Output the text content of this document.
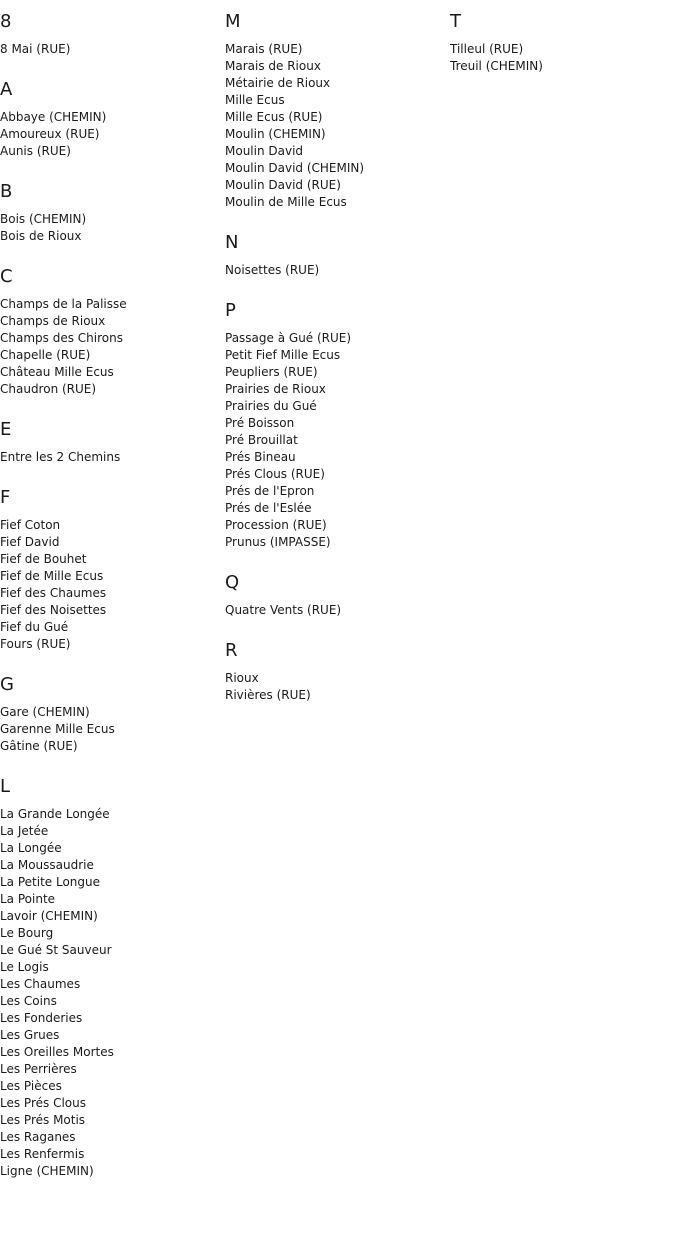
8
8 Mai (RUE)
A
Abbaye (CHEMIN)
Amoureux (RUE)
Aunis (RUE)
B
Bois (CHEMIN)
Bois de Rioux
C
Champs de la Palisse
Champs de Rioux
Champs des Chirons
Chapelle (RUE)
Château Mille Ecus
Chaudron (RUE)
E
Entre les 2 Chemins
F
Fief Coton
Fief David
Fief de Bouhet
Fief de Mille Ecus
Fief des Chaumes
Fief des Noisettes
Fief du Gué
Fours (RUE)
G
Gare (CHEMIN)
Garenne Mille Ecus
Gâtine (RUE)
L
La Grande Longée
La Jetée
La Longée
La Moussaudrie
La Petite Longue
La Pointe
Lavoir (CHEMIN)
Le Bourg
Le Gué St Sauveur
Le Logis
Les Chaumes
Les Coins
Les Fonderies
Les Grues
Les Oreilles Mortes
Les Perrières
Les Pièces
Les Prés Clous
Les Prés Motis
Les Raganes
Les Renfermis
Ligne (CHEMIN)
M
Marais (RUE)
Marais de Rioux
Métairie de Rioux
Mille Ecus
Mille Ecus (RUE)
Moulin (CHEMIN)
Moulin David
Moulin David (CHEMIN)
Moulin David (RUE)
Moulin de Mille Ecus
N
Noisettes (RUE)
P
Passage à Gué (RUE)
Petit Fief Mille Ecus
Peupliers (RUE)
Prairies de Rioux
Prairies du Gué
Pré Boisson
Pré Brouillat
Prés Bineau
Prés Clous (RUE)
Prés de l'Epron
Prés de l'Eslée
Procession (RUE)
Prunus (IMPASSE)
Q
Quatre Vents (RUE)
R
Rioux
Rivières (RUE)
T
Tilleul (RUE)
Treuil (CHEMIN)
